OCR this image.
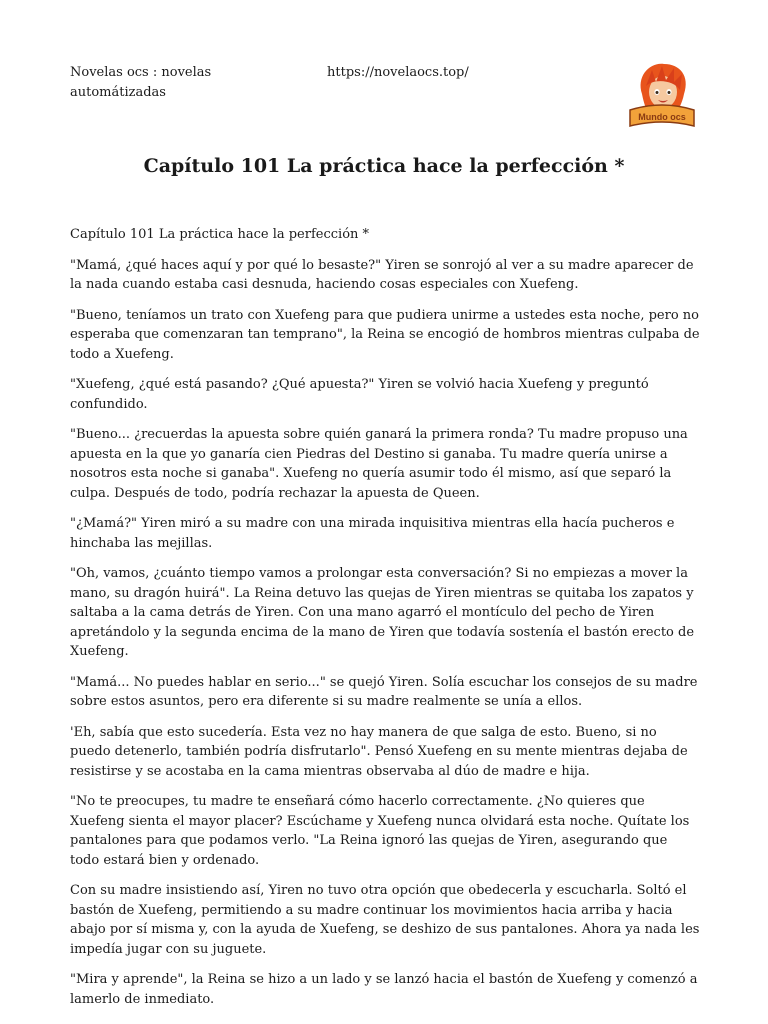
Novelas ocs : novelas automátizadas
https://novelaocs.top/
Mundo ocs
Capítulo 101 La práctica hace la perfección *

Capítulo 101 La práctica hace la perfección *

"Mamá, ¿qué haces aquí y por qué lo besaste?" Yiren se sonrojó al ver a su madre aparecer de la nada cuando estaba casi desnuda, haciendo cosas especiales con Xuefeng.

"Bueno, teníamos un trato con Xuefeng para que pudiera unirme a ustedes esta noche, pero no esperaba que comenzaran tan temprano", la Reina se encogió de hombros mientras culpaba de todo a Xuefeng.

"Xuefeng, ¿qué está pasando? ¿Qué apuesta?" Yiren se volvió hacia Xuefeng y preguntó confundido.

"Bueno... ¿recuerdas la apuesta sobre quién ganará la primera ronda? Tu madre propuso una apuesta en la que yo ganaría cien Piedras del Destino si ganaba. Tu madre quería unirse a nosotros esta noche si ganaba". Xuefeng no quería asumir todo él mismo, así que separó la culpa. Después de todo, podría rechazar la apuesta de Queen.

"¿Mamá?" Yiren miró a su madre con una mirada inquisitiva mientras ella hacía pucheros e hinchaba las mejillas.

"Oh, vamos, ¿cuánto tiempo vamos a prolongar esta conversación? Si no empiezas a mover la mano, su dragón huirá". La Reina detuvo las quejas de Yiren mientras se quitaba los zapatos y saltaba a la cama detrás de Yiren. Con una mano agarró el montículo del pecho de Yiren apretándolo y la segunda encima de la mano de Yiren que todavía sostenía el bastón erecto de Xuefeng.

"Mamá... No puedes hablar en serio..." se quejó Yiren. Solía escuchar los consejos de su madre sobre estos asuntos, pero era diferente si su madre realmente se unía a ellos.

'Eh, sabía que esto sucedería. Esta vez no hay manera de que salga de esto. Bueno, si no puedo detenerlo, también podría disfrutarlo". Pensó Xuefeng en su mente mientras dejaba de resistirse y se acostaba en la cama mientras observaba al dúo de madre e hija.

"No te preocupes, tu madre te enseñará cómo hacerlo correctamente. ¿No quieres que Xuefeng sienta el mayor placer? Escúchame y Xuefeng nunca olvidará esta noche. Quítate los pantalones para que podamos verlo. "La Reina ignoró las quejas de Yiren, asegurando que todo estará bien y ordenado.

Con su madre insistiendo así, Yiren no tuvo otra opción que obedecerla y escucharla. Soltó el bastón de Xuefeng, permitiendo a su madre continuar los movimientos hacia arriba y hacia abajo por sí misma y, con la ayuda de Xuefeng, se deshizo de sus pantalones. Ahora ya nada les impedía jugar con su juguete.

"Mira y aprende", la Reina se hizo a un lado y se lanzó hacia el bastón de Xuefeng y comenzó a lamerlo de inmediato.
